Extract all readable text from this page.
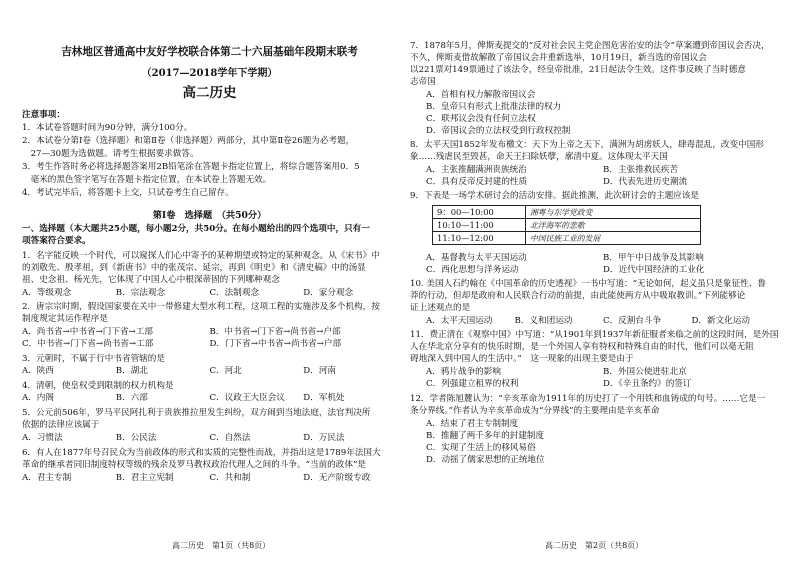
吉林地区普通高中友好学校联合体第二十六届基础年段期末联考
（2017—2018学年下学期）
高二历史
注意事项：
1．本试卷答题时间为90分钟，满分100分。
2．本试卷分第Ⅰ卷（选择题）和第Ⅱ卷（非选择题）两部分，其中第Ⅱ卷26题为必考题，
　27—30题为选做题。请考生根据要求做答。
3．考生作答时务必将选择题答案用2B铅笔涂在答题卡指定位置上，将综合题答案用0．5
　毫米的黑色签字笔写在答题卡指定位置，在本试卷上答题无效。
4．考试完毕后，将答题卡上交，只试卷考生自己留存。
第Ⅰ卷　选择题　（共50分）
一、选择题（本大题共25小题，每小题2分，共50分。在每小题给出的四个选项中，只有一
项答案符合要求。
1．名字能反映一个时代，可以窥探人们心中寄予的某种期望或特定的某种观念。从《宋书》中
的刘敬先、殷孝祖，到《新唐书》中的张茂宗、延宗，再到《明史》和《清史稿》中的汤显
祖、史念祖、杨光先，它体现了中国人心中根深蒂固的下列哪种观念
A．等级观念	B．宗法观念	C．法制观念	D．家分观念
2．唐宗宗时期，假设国家要在关中一带修建大型水利工程，这项工程的实施涉及多个机构，按
制度规定其运作程序是
A．尚书省→中书省→门下省→工部	B．中书省→门下省→尚书省→户部
C．中书省→门下省→尚书省→工部	D．门下省→中书省→尚书省→户部
3．元朝时，不属于行中书省管辖的是
A．陕西	B．湖北	C．河北	D．河南
4．清朝，使皇权受到限制的权力机构是
A．内阁	B．六部	C．议政王大臣会议	D．军机处
5．公元前506年，罗马平民阿扎利于贵族推拉里发生纠纷，双方闹到当地法庭，法官判决所
依据的法律应该属于
A．习惯法	B．公民法	C．自然法	D．万民法
6．有人在1877年号召民众为当前政体的形式和实质的完整性而战，并指出这是1789年法国大
革命的继承者同旧制度特权等级的残余及罗马教权政治代理人之间的斗争。“当前的政体”是
A．君主专制	B．君主立宪制	C．共和制	D．无产阶级专政
高二历史　第1页（共8页）
7．1878年5月，俾斯麦提交的“反对社会民主党企图危害治安的法令”草案遭到帝国议会否决，
不久，俾斯麦借故解散了帝国议会并重新选举，10月19日，新当选的帝国议会
以221票对149票通过了该法令，经皇帝批准，21日起法令生效。这件事反映了当时德意
志帝国
A．首相有权力解散帝国议会
B．皇帝只有形式上批准法律的权力
C．联邦议会没有任何立法权
D．帝国议会的立法权受到行政权控制
8．太平天国1852年发布檄文：天下为上帝之天下，满洲为胡虏妖人，肆毒混乱，改变中国形
象……残虐民至毁甚，命天王扫除妖孽，廓清中夏。这体现太平天国
A．主张推翻满洲贵族统治	B．主张推救民疾苦
C．具有反帝反封建的性质	D．代表先进历史潮流
9．下表是一场学术研讨会的活动安排。据此推测，此次研讨会的主题应该是
9：00—10:00	湘粤与东学党政变
10:10—11:00	北洋海军的悲歌
11:10—12:00	中国民族工业的发展
A．基督教与太平天国运动	B．甲午中日战争及其影响
C．西化思想与洋务运动	D．近代中国经济的工业化
10. 美国人石约翰在《中国革命的历史透视》一书中写道：“无论如何，起义虽只是象征性、鲁
莽的行动，但却是政府和人民联合行动的前提，由此能使两方从中吸取教训。”下列能够论
证上述观点的是
A．太平天国运动	B．义和团运动	C．反割台斗争	D．新文化运动
11．费正清在《观察中国》中写道：“从1901年到1937年新征服者来临之前的这段时间，是外国
人在华北京分享有的快乐时期，是一个外国人享有特权和特殊自由的时代，他们可以毫无阻
碍地深入到中国人的生活中。”　这一现象的出现主要是由于
A．鸦片战争的影响	B．外国公使进驻北京
C．列强建立租界的权利	D．《辛丑条约》的签订
12．学者陈旭麓认为：“辛亥革命为1911年的历史打了一个用铁和血铸成的句号。……它是一
条分界线。”作者认为辛亥革命成为“分界线”的主要理由是辛亥革命
A．结束了君主专制制度
B．推翻了两千多年的封建制度
C．实现了生活上的移风易俗
D．动摇了儒家思想的正统地位
高二历史　第2页（共8页）
